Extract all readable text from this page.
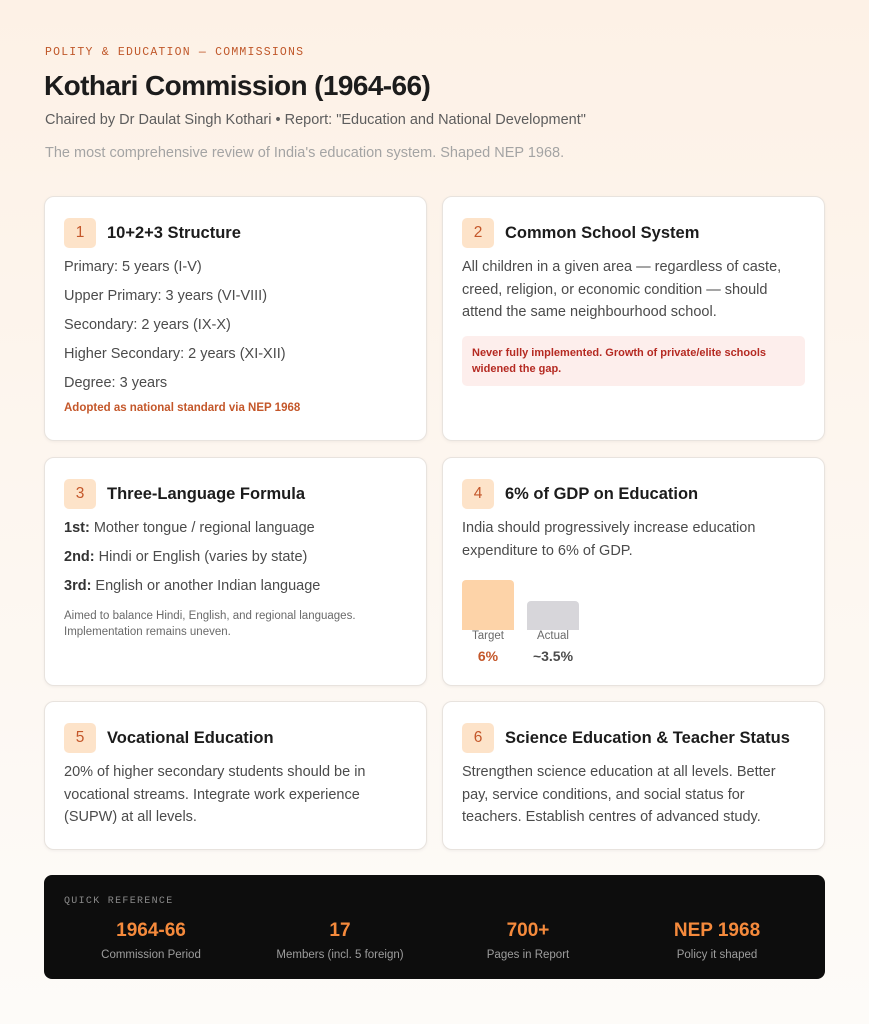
POLITY & EDUCATION — COMMISSIONS
Kothari Commission (1964-66)
Chaired by Dr Daulat Singh Kothari • Report: "Education and National Development"
The most comprehensive review of India's education system. Shaped NEP 1968.
1	10+2+3 Structure
Primary: 5 years (I-V)
Upper Primary: 3 years (VI-VIII)
Secondary: 2 years (IX-X)
Higher Secondary: 2 years (XI-XII)
Degree: 3 years
Adopted as national standard via NEP 1968
2	Common School System
All children in a given area — regardless of caste, creed, religion, or economic condition — should attend the same neighbourhood school.
Never fully implemented. Growth of private/elite schools widened the gap.
3	Three-Language Formula
1st: Mother tongue / regional language
2nd: Hindi or English (varies by state)
3rd: English or another Indian language
Aimed to balance Hindi, English, and regional languages. Implementation remains uneven.
4	6% of GDP on Education
India should progressively increase education expenditure to 6% of GDP.
Target	Actual
6%	~3.5%
5	Vocational Education
20% of higher secondary students should be in vocational streams. Integrate work experience (SUPW) at all levels.
6	Science Education & Teacher Status
Strengthen science education at all levels. Better pay, service conditions, and social status for teachers. Establish centres of advanced study.
QUICK REFERENCE
1964-66
Commission Period
17
Members (incl. 5 foreign)
700+
Pages in Report
NEP 1968
Policy it shaped
